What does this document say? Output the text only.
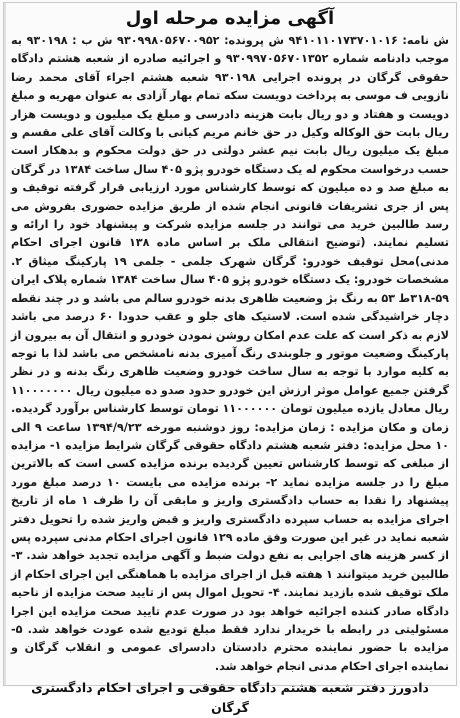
آگهی مزایده مرحله اول

ش نامه: ۹۴۱۰۱۱۰۱۷۳۷۰۱۰۱۶ ش پرونده: ۹۳۰۹۹۸۰۵۶۷۰۰۹۵۲ ش ب : ۹۳۰۱۹۸ به موجب دادنامه شماره ۹۳۰۹۹۷۰۵۶۷۰۱۳۵۲ و اجرائیه صادره از شعبه هشتم دادگاه حقوقی گرگان در پرونده اجرایی ۹۳۰۱۹۸ شعبه هشتم اجراء آقای محمد رضا نازویی ف موسی به پرداخت دویست سکه تمام بهار آزادی به عنوان مهریه و مبلغ دویست و هفتاد و دو ریال بابت هزینه دادرسی و مبلغ یک میلیون و دویست هزار ریال بابت حق الوکاله وکیل در حق خانم مریم کیانی با وکالت آقای علی مقسم و مبلغ یک میلیون ریال بابت نیم عشر دولتی در حق دولت محکوم و بدهکار است حسب درخواست محکوم له یک دستگاه خودرو پژو ۴۰۵ سال ساخت ۱۳۸۴ در گرگان به مبلغ صد و ده میلیون که توسط کارشناس مورد ارزیابی قرار گرفته توقیف و پس از جری تشریفات قانونی انجام شده از طریق مزایده حضوری بفروش می رسد طالبین خرید می توانند در جلسه مزایده شرکت و پیشنهاد خود را ارائه و تسلیم نمایند. (توضیح انتقالی ملک بر اساس ماده ۱۳۸ قانون اجرای احکام مدنی)محل توقیف خودرو: گرگان شهرک جلمی - جلمی ۱۹ پارکینگ میثاق ۲. مشخصات خودرو: یک دستگاه خودرو پژو ۴۰۵ سال ساخت ۱۳۸۴ شماره پلاک ایران ۵۹-۳۱۸ط ۵۳ به رنگ بژ وضعیت ظاهری بدنه خودرو سالم می باشد و در چند نقطه دچار خراشیدگی شده است. لاستیک های جلو و عقب حدودا ۶۰ درصد می باشد لازم به ذکر است که علت عدم امکان روشن نمودن خودرو و انتقال آن به بیرون از پارکینگ وضعیت موتور و جلوبندی رنگ آمیزی بدنه نامشخص می باشد لذا با توجه به کلیه موارد با توجه به سال ساخت خودرو وضعیت ظاهری رنگ بدنه و در نظر گرفتن جمیع عوامل موثر ارزش این خودرو حدود صدو ده میلیون ریال ۱۱۰۰۰۰۰۰۰ ریال معادل یازده میلیون تومان ۱۱۰۰۰۰۰۰ تومان توسط کارشناس برآورد گردیده. زمان و مکان مزایده : زمان مزایده: روز دوشنبه مورخه ۱۳۹۴/۹/۲۳ ساعت ۹ الی ۱۰ محل مزایده: دفتر شعبه هشتم دادگاه حقوقی گرگان شرایط مزایده ۱- مزایده از مبلغی که توسط کارشناس تعیین گردیده برنده مزایده کسی است که بالاترین مبلغ را در جلسه مزایده نماید ۲- برنده مزایده می بایست ۱۰ درصد مبلغ مورد پیشنهاد را نقدا به حساب دادگستری واریز و مابقی آن را ظرف ۱ ماه از تاریخ اجرای مزایده به حساب سپرده دادگستری واریز و قبض واریز شده را تحویل دفتر شعبه نماید در غیر این صورت وفق ماده ۱۲۹ قانون اجرای احکام مدنی سپرده پس از کسر هزینه های اجرایی به نفع دولت ضبط و آگهی مزایده تجدید خواهد شد. ۳- طالبین خرید میتوانند ۱ هفته قبل از اجرای مزایده با هماهنگی این اجرای احکام از ملک توقیف شده بازدید نمایند. ۴- تحویل اموال پس از تایید صحت مزایده از ناحیه دادگاه صادر کننده اجرائیه خواهد بود در صورت عدم تایید صحت مزایده این اجرا مسئولیتی در رابطه با خریدار ندارد فقط مبلغ تودیع شده عودت خواهد شد. ۵- مزایده با حضور نماینده محترم دادستان دادسرای عمومی و انقلاب گرگان و نماینده اجرای احکام مدنی انجام خواهد شد.

دادورز دفتر شعبه هشتم دادگاه حقوقی و اجرای احکام دادگستری گرگان
